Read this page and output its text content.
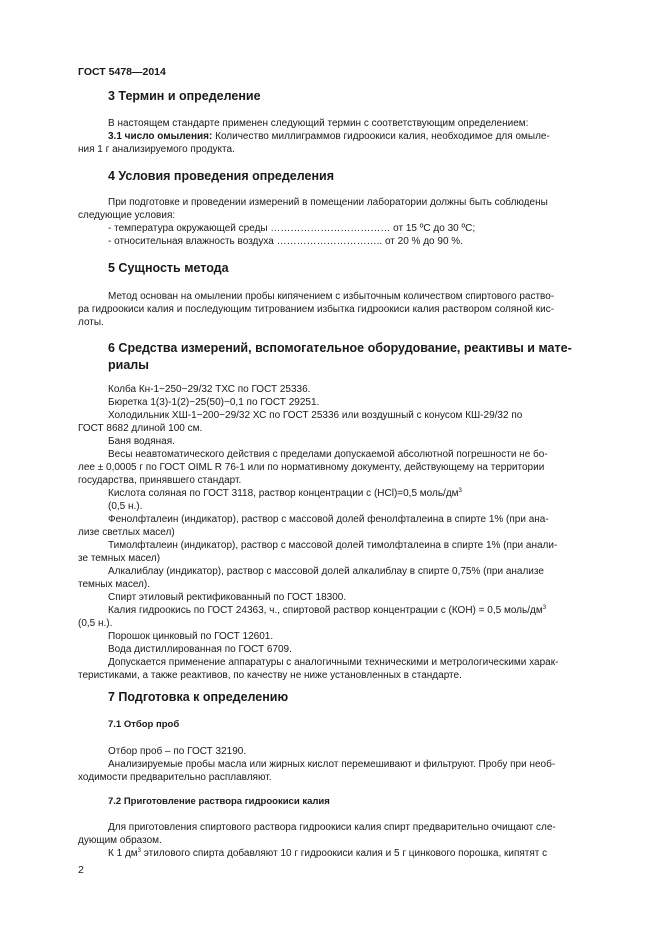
ГОСТ 5478—2014
3 Термин и определение
В настоящем стандарте применен следующий термин с соответствующим определением:
3.1 число омыления: Количество миллиграммов гидроокиси калия, необходимое для омыле-
ния 1 г анализируемого продукта.
4 Условия проведения определения
При подготовке и проведении измерений в помещении лаборатории должны быть соблюдены
следующие условия:
- температура окружающей среды ……………………………… от 15 ºС до 30 ºС;
- относительная влажность воздуха ………………………….. от 20 % до 90 %.
5 Сущность метода
Метод основан на омылении пробы кипячением с избыточным количеством спиртового раство-
ра гидроокиси калия и последующим титрованием избытка гидроокиси калия раствором соляной кис-
лоты.
6 Средства измерений, вспомогательное оборудование, реактивы и мате-
риалы
Колба Кн-1−250−29/32 ТХС по ГОСТ 25336.
Бюретка 1(3)-1(2)−25(50)−0,1 по ГОСТ 29251.
Холодильник ХШ-1−200−29/32 ХС по ГОСТ 25336 или воздушный с конусом КШ-29/32 по
ГОСТ 8682 длиной 100 см.
Баня водяная.
Весы неавтоматического действия с пределами допускаемой абсолютной погрешности не бо-
лее ± 0,0005 г по ГОСТ OIML R 76-1 или по нормативному документу, действующему на территории
государства, принявшего стандарт.
Кислота соляная по ГОСТ 3118, раствор концентрации с (HCl)=0,5 моль/$дм^3$
(0,5 н.).
Фенолфталеин (индикатор), раствор с массовой долей фенолфталеина в спирте 1% (при ана-
лизе светлых масел)
Тимолфталеин (индикатор), раствор с массовой долей тимолфталеина в спирте 1% (при анали-
зе темных масел)
Алкалиблау (индикатор), раствор с массовой долей алкалиблау в спирте 0,75% (при анализе
темных масел).
Спирт этиловый ректификованный по ГОСТ 18300.
Калия гидроокись по ГОСТ 24363, ч., спиртовой раствор концентрации с (КОН) = 0,5 моль/$дм^3$
(0,5 н.).
Порошок цинковый по ГОСТ 12601.
Вода дистиллированная по ГОСТ 6709.
Допускается применение аппаратуры с аналогичными техническими и метрологическими харак-
теристиками, а также реактивов, по качеству не ниже установленных в стандарте.
7 Подготовка к определению
7.1 Отбор проб
Отбор проб – по ГОСТ 32190.
Анализируемые пробы масла или жирных кислот перемешивают и фильтруют. Пробу при необ-
ходимости предварительно расплавляют.
7.2 Приготовление раствора гидроокиси калия
Для приготовления спиртового раствора гидроокиси калия спирт предварительно очищают сле-
дующим образом.
К 1 $дм^3$ этилового спирта добавляют 10 г гидроокиси калия и 5 г цинкового порошка, кипятят с
2
